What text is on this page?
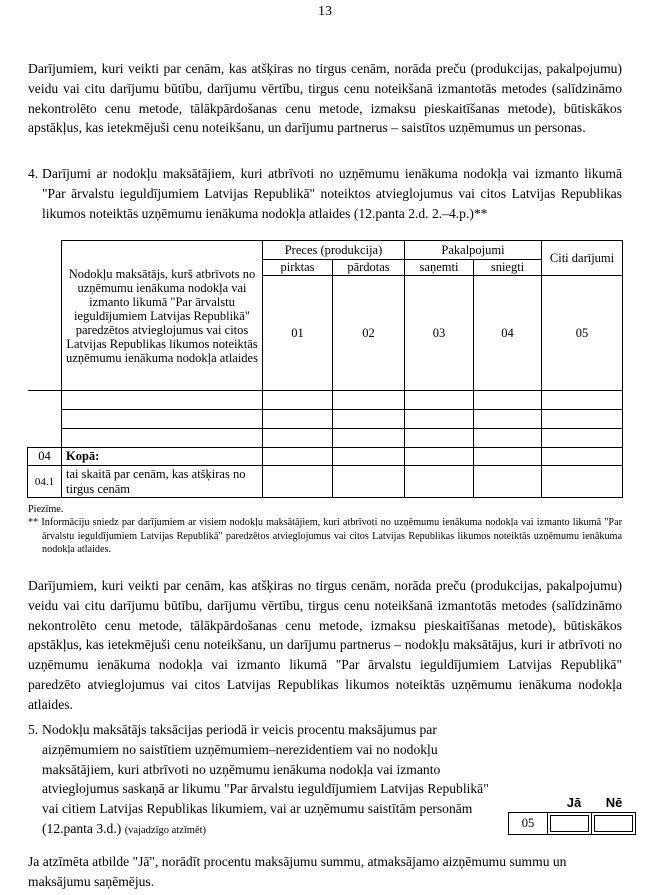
13
Darījumiem, kuri veikti par cenām, kas atšķiras no tirgus cenām, norāda preču (produkcijas, pakalpojumu) veidu vai citu darījumu būtību, darījumu vērtību, tirgus cenu noteikšanā izmantotās metodes (salīdzināmo nekontrolēto cenu metode, tālākpārdošanas cenu metode, izmaksu pieskaitīšanas metode), būtiskākos apstākļus, kas ietekmējuši cenu noteikšanu, un darījumu partnerus – saistītos uzņēmumus un personas.
4. Darījumi ar nodokļu maksātājiem, kuri atbrīvoti no uzņēmumu ienākuma nodokļa vai izmanto likumā "Par ārvalstu ieguldījumiem Latvijas Republikā" noteiktos atvieglojumus vai citos Latvijas Republikas likumos noteiktās uzņēmumu ienākuma nodokļa atlaides (12.panta 2.d. 2.–4.p.)**
	Nodokļu maksātājs, kurš atbrīvots no uzņēmumu ienākuma nodokļa vai izmanto likumā "Par ārvalstu ieguldījumiem Latvijas Republikā" paredzētos atvieglojumus vai citos Latvijas Republikas likumos noteiktās uzņēmumu ienākuma nodokļa atlaides	Preces (produkcija)		Pakalpojumi		Citi darījumi
		pirktas	pārdotas	saņemti	sniegti	
		01	02	03	04	05

04	Kopā:					
04.1	tai skaitā par cenām, kas atšķiras no tirgus cenām					
Piezīme.
** Informāciju sniedz par darījumiem ar visiem nodokļu maksātājiem, kuri atbrīvoti no uzņēmumu ienākuma nodokļa vai izmanto likumā "Par ārvalstu ieguldījumiem Latvijas Republikā" paredzētos atvieglojumus vai citos Latvijas Republikas likumos noteiktās uzņēmumu ienākuma nodokļa atlaides.
Darījumiem, kuri veikti par cenām, kas atšķiras no tirgus cenām, norāda preču (produkcijas, pakalpojumu) veidu vai citu darījumu būtību, darījumu vērtību, tirgus cenu noteikšanā izmantotās metodes (salīdzināmo nekontrolēto cenu metode, tālākpārdošanas cenu metode, izmaksu pieskaitīšanas metode), būtiskākos apstākļus, kas ietekmējuši cenu noteikšanu, un darījumu partnerus – nodokļu maksātājus, kuri ir atbrīvoti no uzņēmumu ienākuma nodokļa vai izmanto likumā "Par ārvalstu ieguldījumiem Latvijas Republikā" paredzēto atvieglojumus vai citos Latvijas Republikas likumos noteiktās uzņēmumu ienākuma nodokļa atlaides.
5. Nodokļu maksātājs taksācijas periodā ir veicis procentu maksājumus par aizņēmumiem no saistītiem uzņēmumiem–nerezidentiem vai no nodokļu maksātājiem, kuri atbrīvoti no uzņēmumu ienākuma nodokļa vai izmanto atvieglojumus saskaņā ar likumu "Par ārvalstu ieguldījumiem Latvijas Republikā" vai citiem Latvijas Republikas likumiem, vai ar uzņēmumu saistītām personām (12.panta 3.d.) (vajadzīgo atzīmēt)
Jā	Nē
05	

Ja atzīmēta atbilde "Jā", norādīt procentu maksājumu summu, atmaksājamo aizņēmumu summu un maksājumu saņēmējus.
